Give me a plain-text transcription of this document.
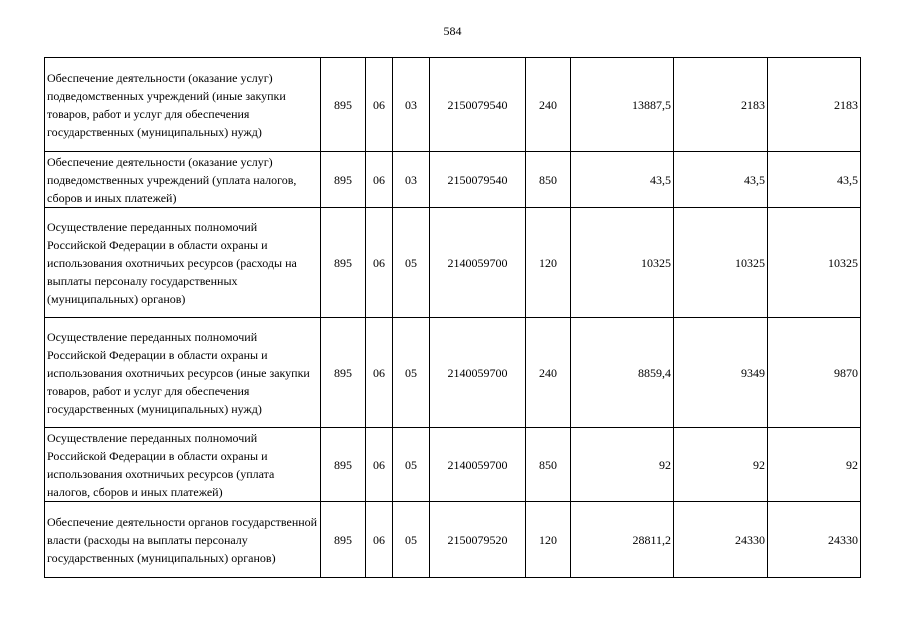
584
Обеспечение деятельности (оказание услуг) подведомственных учреждений (иные закупки товаров, работ и услуг для обеспечения государственных (муниципальных) нужд)	895	06	03	2150079540	240	13887,5	2183	2183
Обеспечение деятельности (оказание услуг) подведомственных учреждений (уплата налогов, сборов и иных платежей)	895	06	03	2150079540	850	43,5	43,5	43,5
Осуществление переданных полномочий Российской Федерации в области охраны и использования охотничьих ресурсов (расходы на выплаты персоналу государственных (муниципальных) органов)	895	06	05	2140059700	120	10325	10325	10325
Осуществление переданных полномочий Российской Федерации в области охраны и использования охотничьих ресурсов (иные закупки товаров, работ и услуг для обеспечения государственных (муниципальных) нужд)	895	06	05	2140059700	240	8859,4	9349	9870
Осуществление переданных полномочий Российской Федерации в области охраны и использования охотничьих ресурсов (уплата налогов, сборов и иных платежей)	895	06	05	2140059700	850	92	92	92
Обеспечение деятельности органов государственной власти (расходы на выплаты персоналу государственных (муниципальных) органов)	895	06	05	2150079520	120	28811,2	24330	24330
